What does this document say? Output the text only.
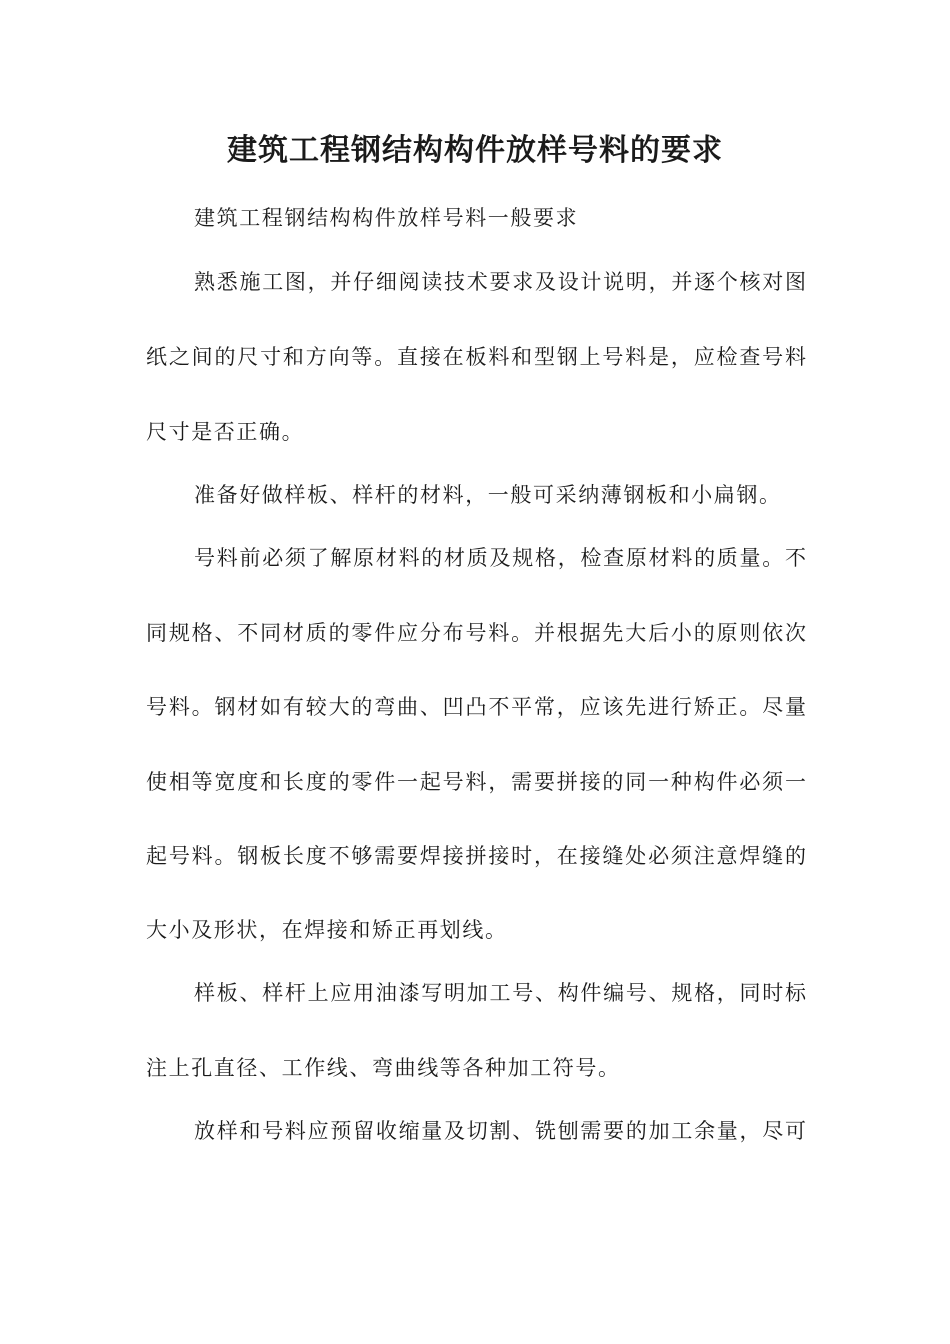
建筑工程钢结构构件放样号料的要求

建筑工程钢结构构件放样号料一般要求

熟悉施工图，并仔细阅读技术要求及设计说明，并逐个核对图

纸之间的尺寸和方向等。直接在板料和型钢上号料是，应检查号料

尺寸是否正确。

准备好做样板、样杆的材料，一般可采纳薄钢板和小扁钢。

号料前必须了解原材料的材质及规格，检查原材料的质量。不

同规格、不同材质的零件应分布号料。并根据先大后小的原则依次

号料。钢材如有较大的弯曲、凹凸不平常，应该先进行矫正。尽量

使相等宽度和长度的零件一起号料，需要拼接的同一种构件必须一

起号料。钢板长度不够需要焊接拼接时，在接缝处必须注意焊缝的

大小及形状，在焊接和矫正再划线。

样板、样杆上应用油漆写明加工号、构件编号、规格，同时标

注上孔直径、工作线、弯曲线等各种加工符号。

放样和号料应预留收缩量及切割、铣刨需要的加工余量，尽可
